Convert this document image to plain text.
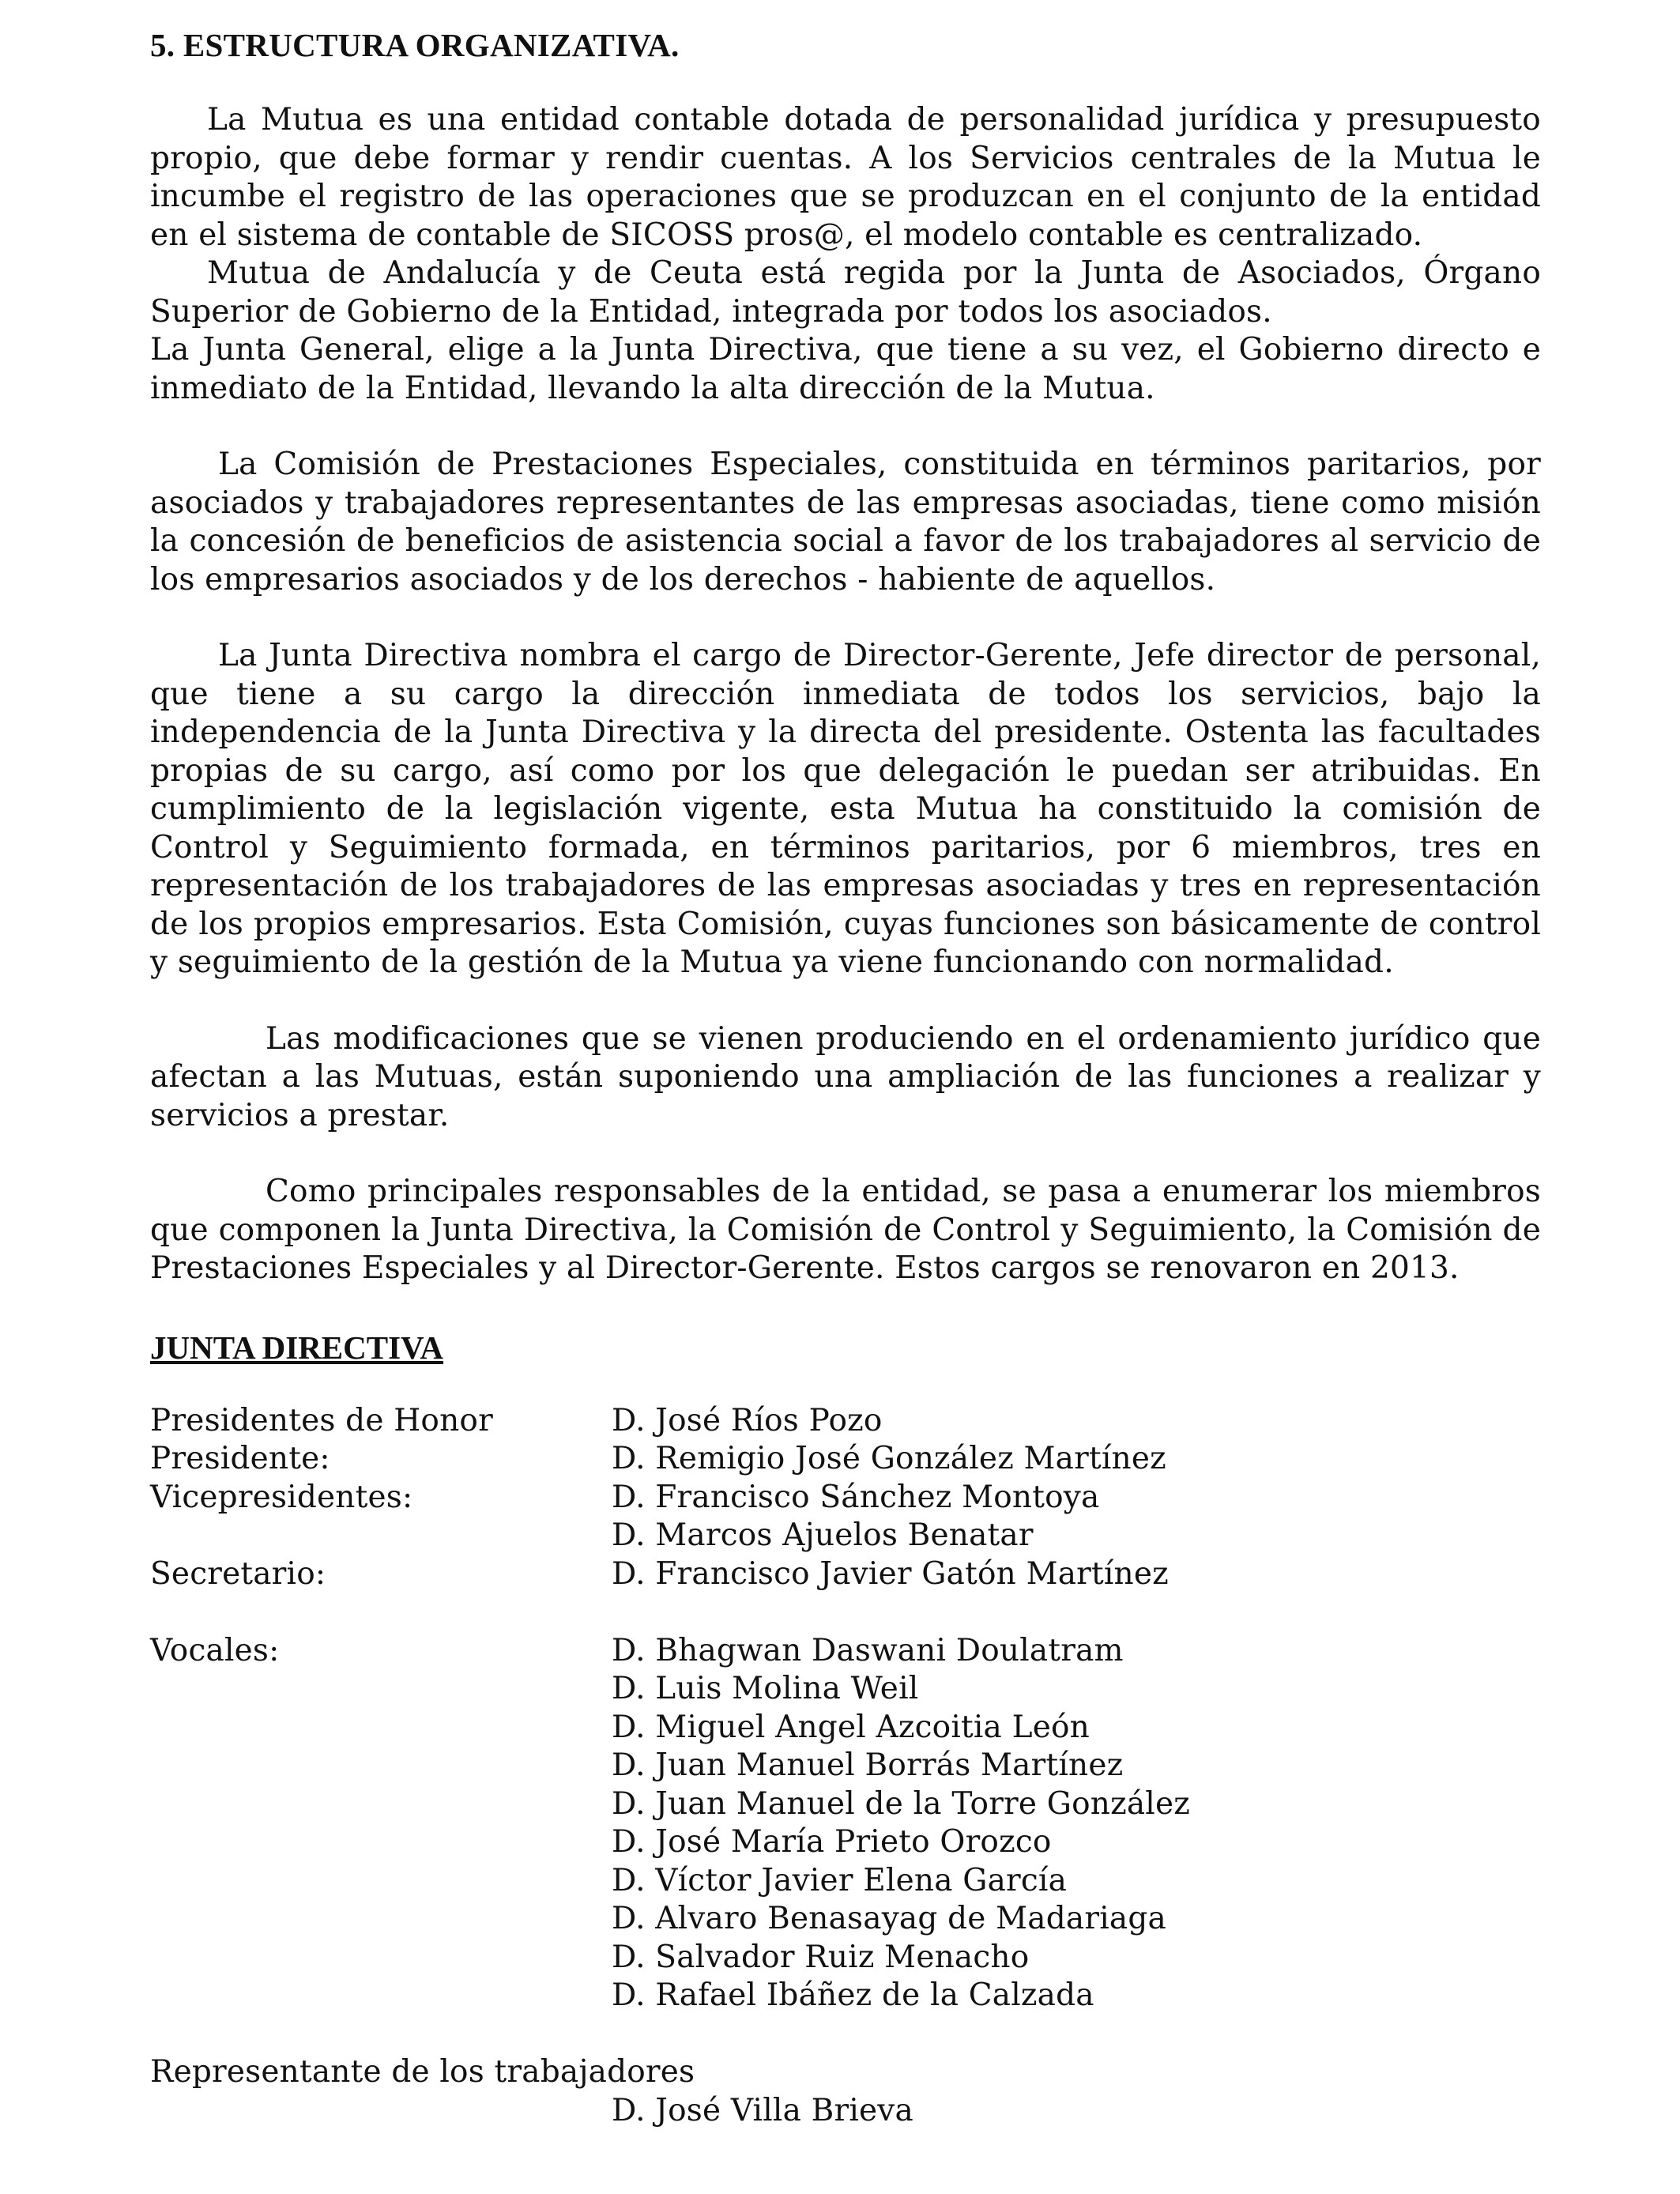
5. ESTRUCTURA ORGANIZATIVA.

La Mutua es una entidad contable dotada de personalidad jurídica y presupuesto propio, que debe formar y rendir cuentas. A los Servicios centrales de la Mutua le incumbe el registro de las operaciones que se produzcan en el conjunto de la entidad en el sistema de contable de SICOSS pros@, el modelo contable es centralizado.

Mutua de Andalucía y de Ceuta está regida por la Junta de Asociados, Órgano Superior de Gobierno de la Entidad, integrada por todos los asociados.

La Junta General, elige a la Junta Directiva, que tiene a su vez, el Gobierno directo e inmediato de la Entidad, llevando la alta dirección de la Mutua.

La Comisión de Prestaciones Especiales, constituida en términos paritarios, por asociados y trabajadores representantes de las empresas asociadas, tiene como misión la concesión de beneficios de asistencia social a favor de los trabajadores al servicio de los empresarios asociados y de los derechos - habiente de aquellos.

La Junta Directiva nombra el cargo de Director-Gerente, Jefe director de personal, que tiene a su cargo la dirección inmediata de todos los servicios, bajo la independencia de la Junta Directiva y la directa del presidente. Ostenta las facultades propias de su cargo, así como por los que delegación le puedan ser atribuidas. En cumplimiento de la legislación vigente, esta Mutua ha constituido la comisión de Control y Seguimiento formada, en términos paritarios, por 6 miembros, tres en representación de los trabajadores de las empresas asociadas y tres en representación de los propios empresarios. Esta Comisión, cuyas funciones son básicamente de control y seguimiento de la gestión de la Mutua ya viene funcionando con normalidad.

Las modificaciones que se vienen produciendo en el ordenamiento jurídico que afectan a las Mutuas, están suponiendo una ampliación de las funciones a realizar y servicios a prestar.

Como principales responsables de la entidad, se pasa a enumerar los miembros que componen la Junta Directiva, la Comisión de Control y Seguimiento, la Comisión de Prestaciones Especiales y al Director-Gerente. Estos cargos se renovaron en 2013.

JUNTA DIRECTIVA
Presidentes de Honor	D. José Ríos Pozo
Presidente:	D. Remigio José González Martínez
Vicepresidentes:	D. Francisco Sánchez Montoya
D. Marcos Ajuelos Benatar
Secretario:	D. Francisco Javier Gatón Martínez
Vocales:	D. Bhagwan Daswani Doulatram
D. Luis Molina Weil
D. Miguel Angel Azcoitia León
D. Juan Manuel Borrás Martínez
D. Juan Manuel de la Torre González
D. José María Prieto Orozco
D. Víctor Javier Elena García
D. Alvaro Benasayag de Madariaga
D. Salvador Ruiz Menacho
D. Rafael Ibáñez de la Calzada
Representante de los trabajadores
D. José Villa Brieva
